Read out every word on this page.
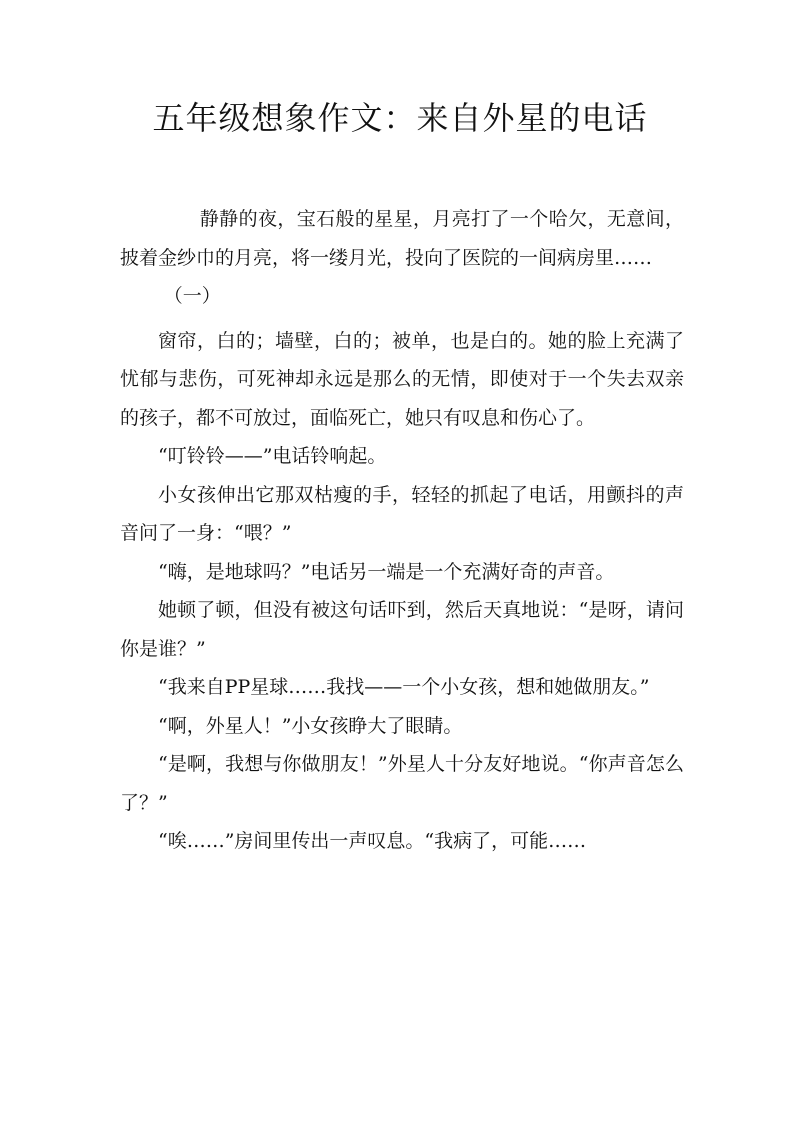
五年级想象作文：来自外星的电话

静静的夜，宝石般的星星，月亮打了一个哈欠，无意间，披着金纱巾的月亮，将一缕月光，投向了医院的一间病房里……

（一）

窗帘，白的；墙壁，白的；被单，也是白的。她的脸上充满了忧郁与悲伤，可死神却永远是那么的无情，即使对于一个失去双亲的孩子，都不可放过，面临死亡，她只有叹息和伤心了。

“叮铃铃——”电话铃响起。

小女孩伸出它那双枯瘦的手，轻轻的抓起了电话，用颤抖的声音问了一身：“喂？”

“嗨，是地球吗？”电话另一端是一个充满好奇的声音。

她顿了顿，但没有被这句话吓到，然后天真地说：“是呀，请问你是谁？”

“我来自PP星球……我找——一个小女孩，想和她做朋友。”

“啊，外星人！”小女孩睁大了眼睛。

“是啊，我想与你做朋友！”外星人十分友好地说。“你声音怎么了？”

“唉……”房间里传出一声叹息。“我病了，可能……
